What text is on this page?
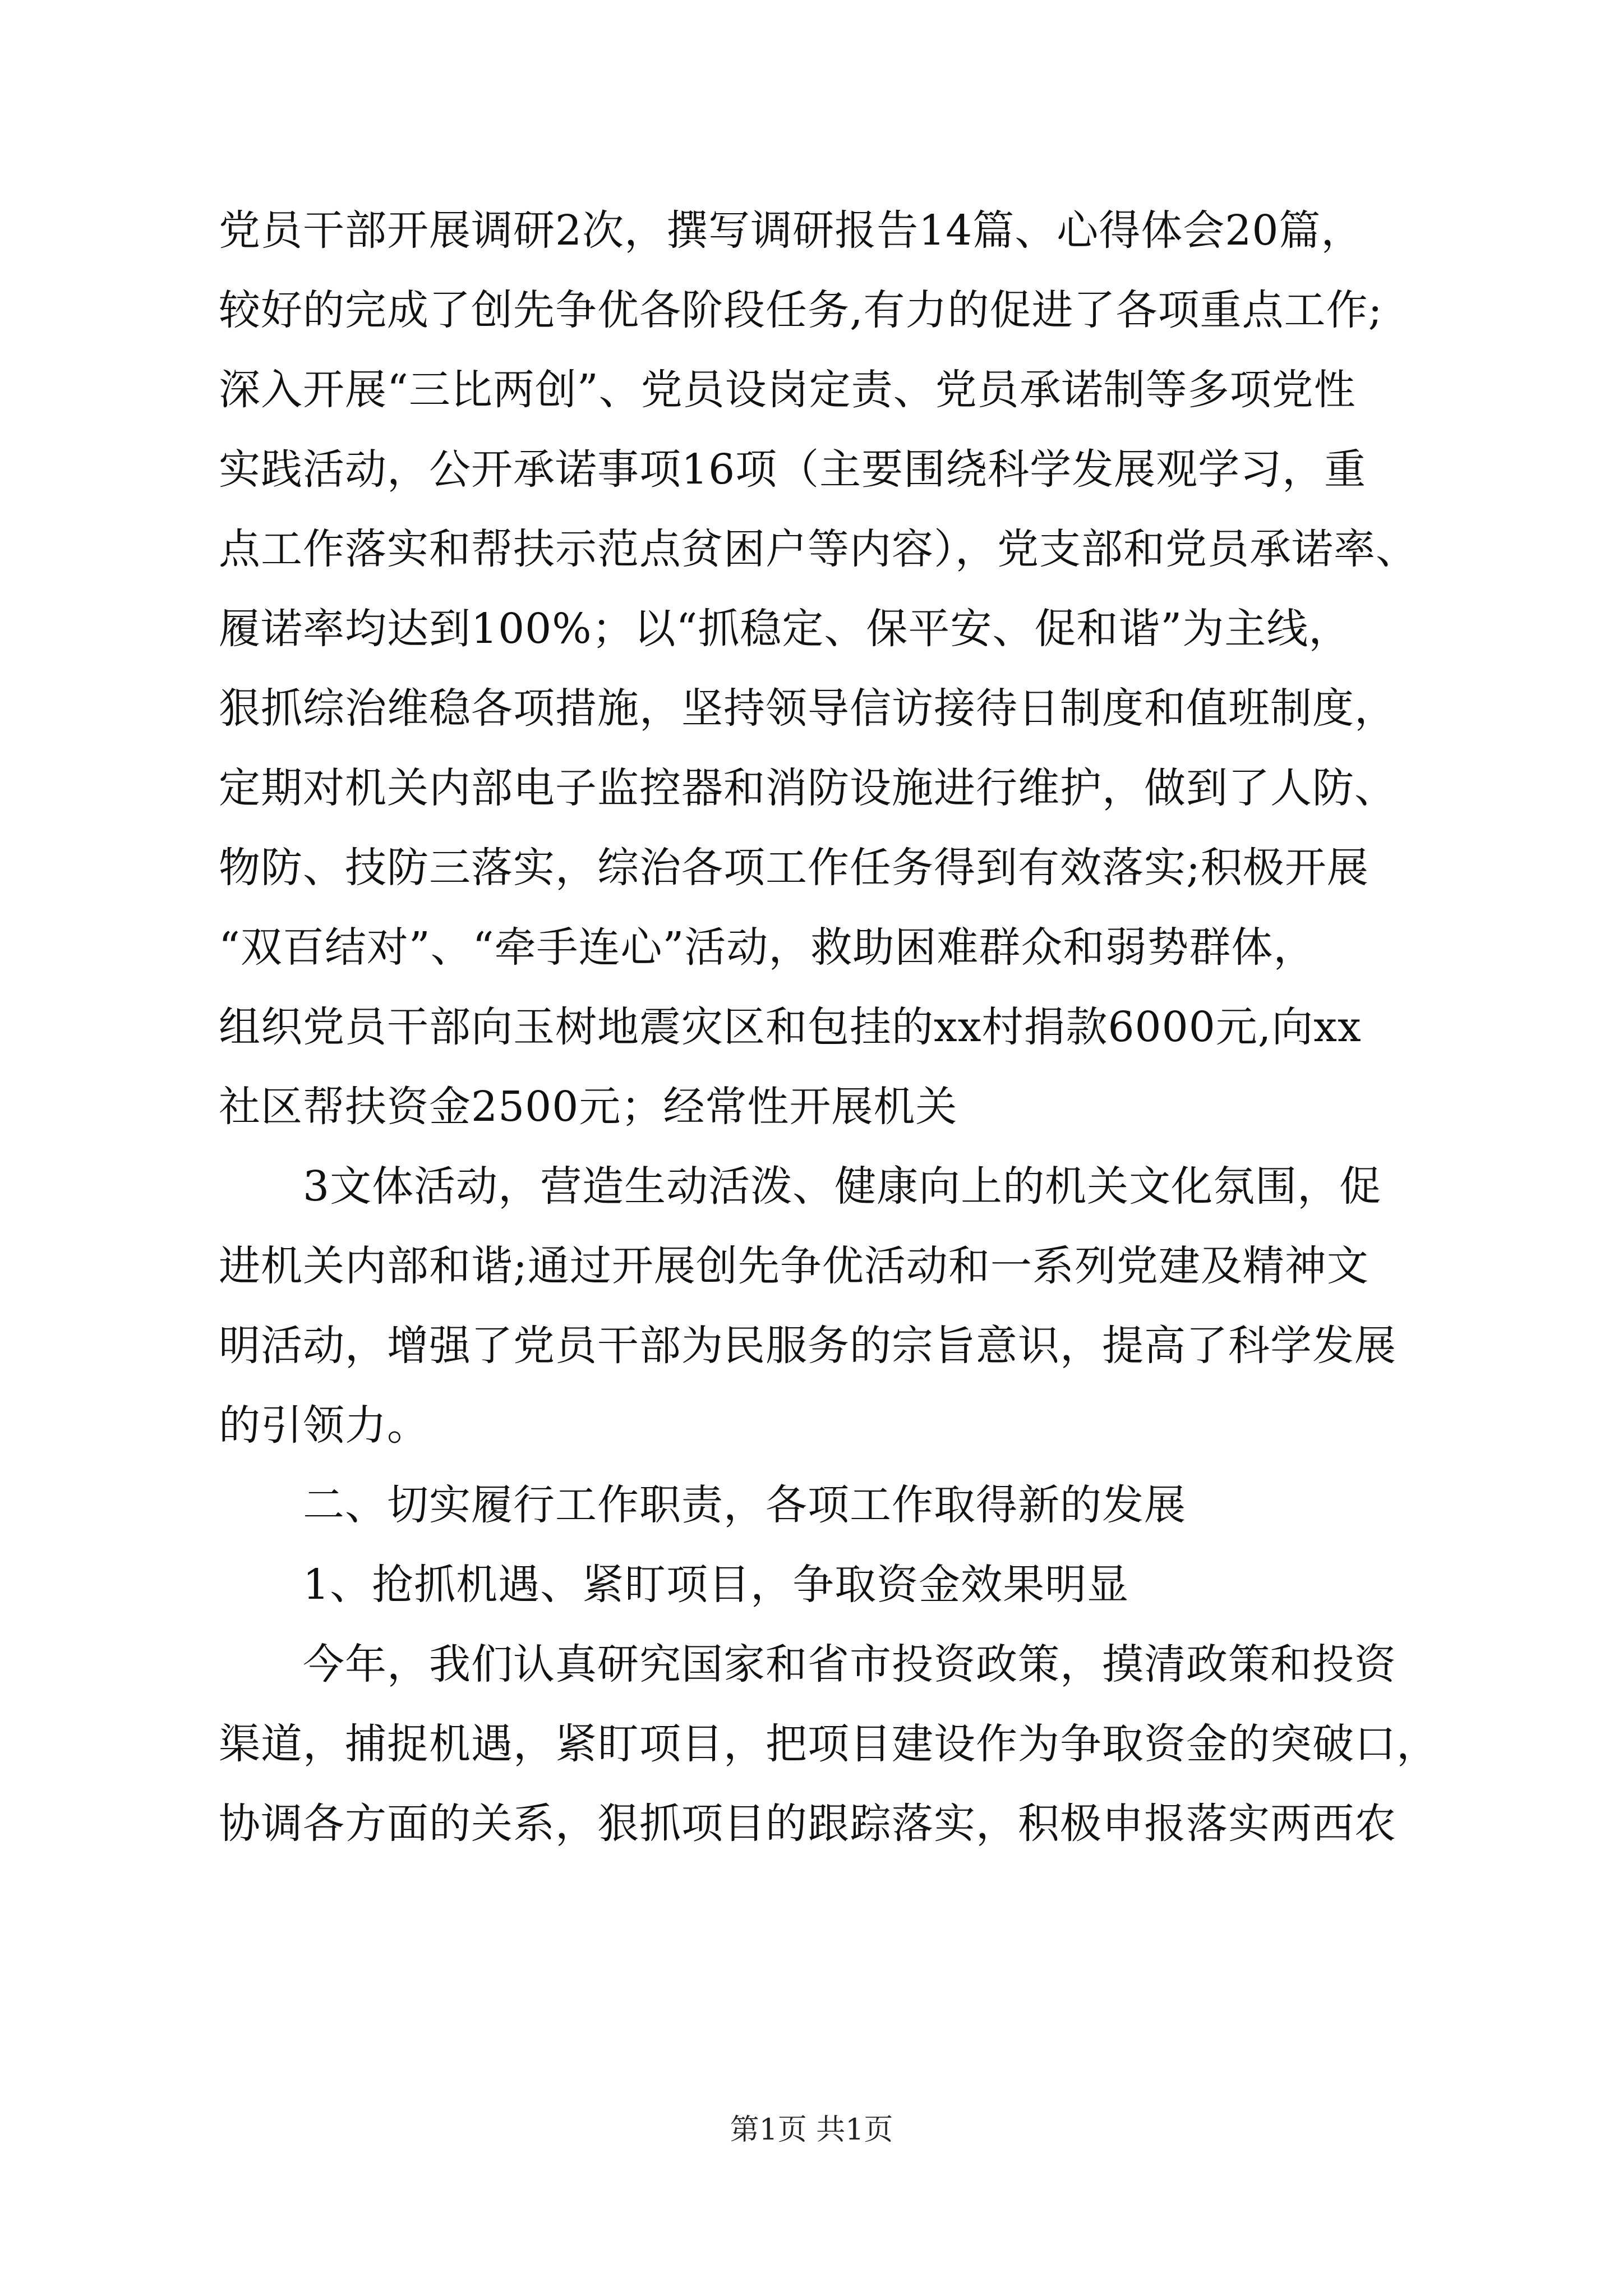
党员干部开展调研2次，撰写调研报告14篇、心得体会20篇，
较好的完成了创先争优各阶段任务,有力的促进了各项重点工作;
深入开展“三比两创”、党员设岗定责、党员承诺制等多项党性
实践活动，公开承诺事项16项（主要围绕科学发展观学习，重
点工作落实和帮扶示范点贫困户等内容），党支部和党员承诺率、
履诺率均达到100%；以“抓稳定、保平安、促和谐”为主线，
狠抓综治维稳各项措施，坚持领导信访接待日制度和值班制度，
定期对机关内部电子监控器和消防设施进行维护，做到了人防、
物防、技防三落实，综治各项工作任务得到有效落实;积极开展
“双百结对”、“牵手连心”活动，救助困难群众和弱势群体，
组织党员干部向玉树地震灾区和包挂的xx村捐款6000元,向xx
社区帮扶资金2500元；经常性开展机关
3文体活动，营造生动活泼、健康向上的机关文化氛围，促
进机关内部和谐;通过开展创先争优活动和一系列党建及精神文
明活动，增强了党员干部为民服务的宗旨意识，提高了科学发展
的引领力。
二、切实履行工作职责，各项工作取得新的发展
1、抢抓机遇、紧盯项目，争取资金效果明显
今年，我们认真研究国家和省市投资政策，摸清政策和投资
渠道，捕捉机遇，紧盯项目，把项目建设作为争取资金的突破口，
协调各方面的关系，狠抓项目的跟踪落实，积极申报落实两西农
第1页 共1页
